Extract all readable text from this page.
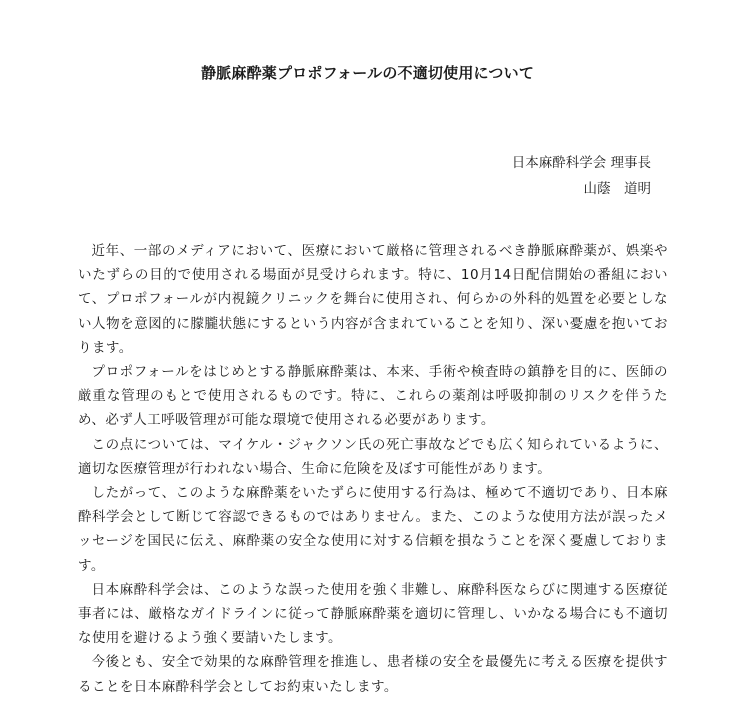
静脈麻酔薬プロポフォールの不適切使用について
日本麻酔科学会 理事長
山蔭　道明

近年、一部のメディアにおいて、医療において厳格に管理されるべき静脈麻酔薬が、娯楽やいたずらの目的で使用される場面が見受けられます。特に、10月14日配信開始の番組において、プロポフォールが内視鏡クリニックを舞台に使用され、何らかの外科的処置を必要としない人物を意図的に朦朧状態にするという内容が含まれていることを知り、深い憂慮を抱いております。

プロポフォールをはじめとする静脈麻酔薬は、本来、手術や検査時の鎮静を目的に、医師の厳重な管理のもとで使用されるものです。特に、これらの薬剤は呼吸抑制のリスクを伴うため、必ず人工呼吸管理が可能な環境で使用される必要があります。

この点については、マイケル・ジャクソン氏の死亡事故などでも広く知られているように、適切な医療管理が行われない場合、生命に危険を及ぼす可能性があります。

したがって、このような麻酔薬をいたずらに使用する行為は、極めて不適切であり、日本麻酔科学会として断じて容認できるものではありません。また、このような使用方法が誤ったメッセージを国民に伝え、麻酔薬の安全な使用に対する信頼を損なうことを深く憂慮しております。

日本麻酔科学会は、このような誤った使用を強く非難し、麻酔科医ならびに関連する医療従事者には、厳格なガイドラインに従って静脈麻酔薬を適切に管理し、いかなる場合にも不適切な使用を避けるよう強く要請いたします。

今後とも、安全で効果的な麻酔管理を推進し、患者様の安全を最優先に考える医療を提供することを日本麻酔科学会としてお約束いたします。
